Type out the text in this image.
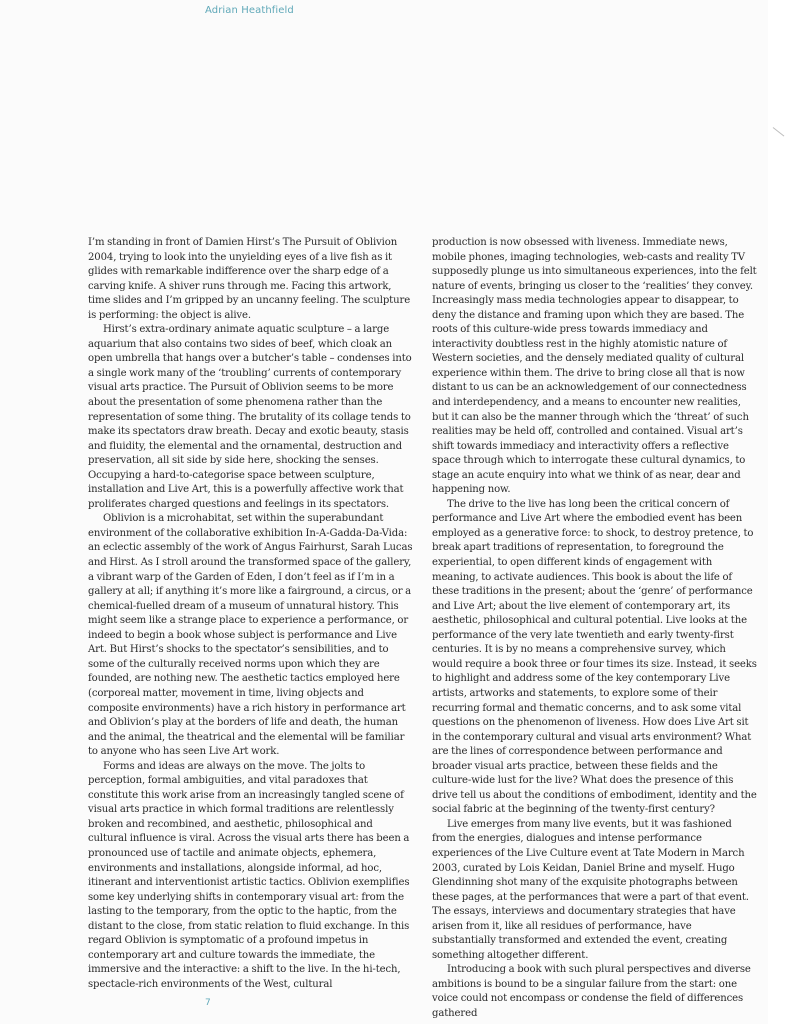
Adrian Heathfield

I’m standing in front of Damien Hirst’s The Pursuit of Oblivion 2004, trying to look into the unyielding eyes of a live fish as it glides with remarkable indifference over the sharp edge of a carving knife. A shiver runs through me. Facing this artwork, time slides and I’m gripped by an uncanny feeling. The sculpture is performing: the object is alive.

Hirst’s extra-ordinary animate aquatic sculpture – a large aquarium that also contains two sides of beef, which cloak an open umbrella that hangs over a butcher’s table – condenses into a single work many of the ‘troubling’ currents of contemporary visual arts practice. The Pursuit of Oblivion seems to be more about the presentation of some phenomena rather than the representation of some thing. The brutality of its collage tends to make its spectators draw breath. Decay and exotic beauty, stasis and fluidity, the elemental and the ornamental, destruction and preservation, all sit side by side here, shocking the senses. Occupying a hard-to-categorise space between sculpture, installation and Live Art, this is a powerfully affective work that proliferates charged questions and feelings in its spectators.

Oblivion is a microhabitat, set within the superabundant environment of the collaborative exhibition In-A-Gadda-Da-Vida: an eclectic assembly of the work of Angus Fairhurst, Sarah Lucas and Hirst. As I stroll around the transformed space of the gallery, a vibrant warp of the Garden of Eden, I don’t feel as if I’m in a gallery at all; if anything it’s more like a fairground, a circus, or a chemical-fuelled dream of a museum of unnatural history. This might seem like a strange place to experience a performance, or indeed to begin a book whose subject is performance and Live Art. But Hirst’s shocks to the spectator’s sensibilities, and to some of the culturally received norms upon which they are founded, are nothing new. The aesthetic tactics employed here (corporeal matter, movement in time, living objects and composite environments) have a rich history in performance art and Oblivion’s play at the borders of life and death, the human and the animal, the theatrical and the elemental will be familiar to anyone who has seen Live Art work.

Forms and ideas are always on the move. The jolts to perception, formal ambiguities, and vital paradoxes that constitute this work arise from an increasingly tangled scene of visual arts practice in which formal traditions are relentlessly broken and recombined, and aesthetic, philosophical and cultural influence is viral. Across the visual arts there has been a pronounced use of tactile and animate objects, ephemera, environments and installations, alongside informal, ad hoc, itinerant and interventionist artistic tactics. Oblivion exemplifies some key underlying shifts in contemporary visual art: from the lasting to the temporary, from the optic to the haptic, from the distant to the close, from static relation to fluid exchange. In this regard Oblivion is symptomatic of a profound impetus in contemporary art and culture towards the immediate, the immersive and the interactive: a shift to the live. In the hi-tech, spectacle-rich environments of the West, cultural

production is now obsessed with liveness. Immediate news, mobile phones, imaging technologies, web-casts and reality TV supposedly plunge us into simultaneous experiences, into the felt nature of events, bringing us closer to the ‘realities’ they convey. Increasingly mass media technologies appear to disappear, to deny the distance and framing upon which they are based. The roots of this culture-wide press towards immediacy and interactivity doubtless rest in the highly atomistic nature of Western societies, and the densely mediated quality of cultural experience within them. The drive to bring close all that is now distant to us can be an acknowledgement of our connectedness and interdependency, and a means to encounter new realities, but it can also be the manner through which the ‘threat’ of such realities may be held off, controlled and contained. Visual art’s shift towards immediacy and interactivity offers a reflective space through which to interrogate these cultural dynamics, to stage an acute enquiry into what we think of as near, dear and happening now.

The drive to the live has long been the critical concern of performance and Live Art where the embodied event has been employed as a generative force: to shock, to destroy pretence, to break apart traditions of representation, to foreground the experiential, to open different kinds of engagement with meaning, to activate audiences. This book is about the life of these traditions in the present; about the ‘genre’ of performance and Live Art; about the live element of contemporary art, its aesthetic, philosophical and cultural potential. Live looks at the performance of the very late twentieth and early twenty-first centuries. It is by no means a comprehensive survey, which would require a book three or four times its size. Instead, it seeks to highlight and address some of the key contemporary Live artists, artworks and statements, to explore some of their recurring formal and thematic concerns, and to ask some vital questions on the phenomenon of liveness. How does Live Art sit in the contemporary cultural and visual arts environment? What are the lines of correspondence between performance and broader visual arts practice, between these fields and the culture-wide lust for the live? What does the presence of this drive tell us about the conditions of embodiment, identity and the social fabric at the beginning of the twenty-first century?

Live emerges from many live events, but it was fashioned from the energies, dialogues and intense performance experiences of the Live Culture event at Tate Modern in March 2003, curated by Lois Keidan, Daniel Brine and myself. Hugo Glendinning shot many of the exquisite photographs between these pages, at the performances that were a part of that event. The essays, interviews and documentary strategies that have arisen from it, like all residues of performance, have substantially transformed and extended the event, creating something altogether different.

Introducing a book with such plural perspectives and diverse ambitions is bound to be a singular failure from the start: one voice could not encompass or condense the field of differences gathered

7
